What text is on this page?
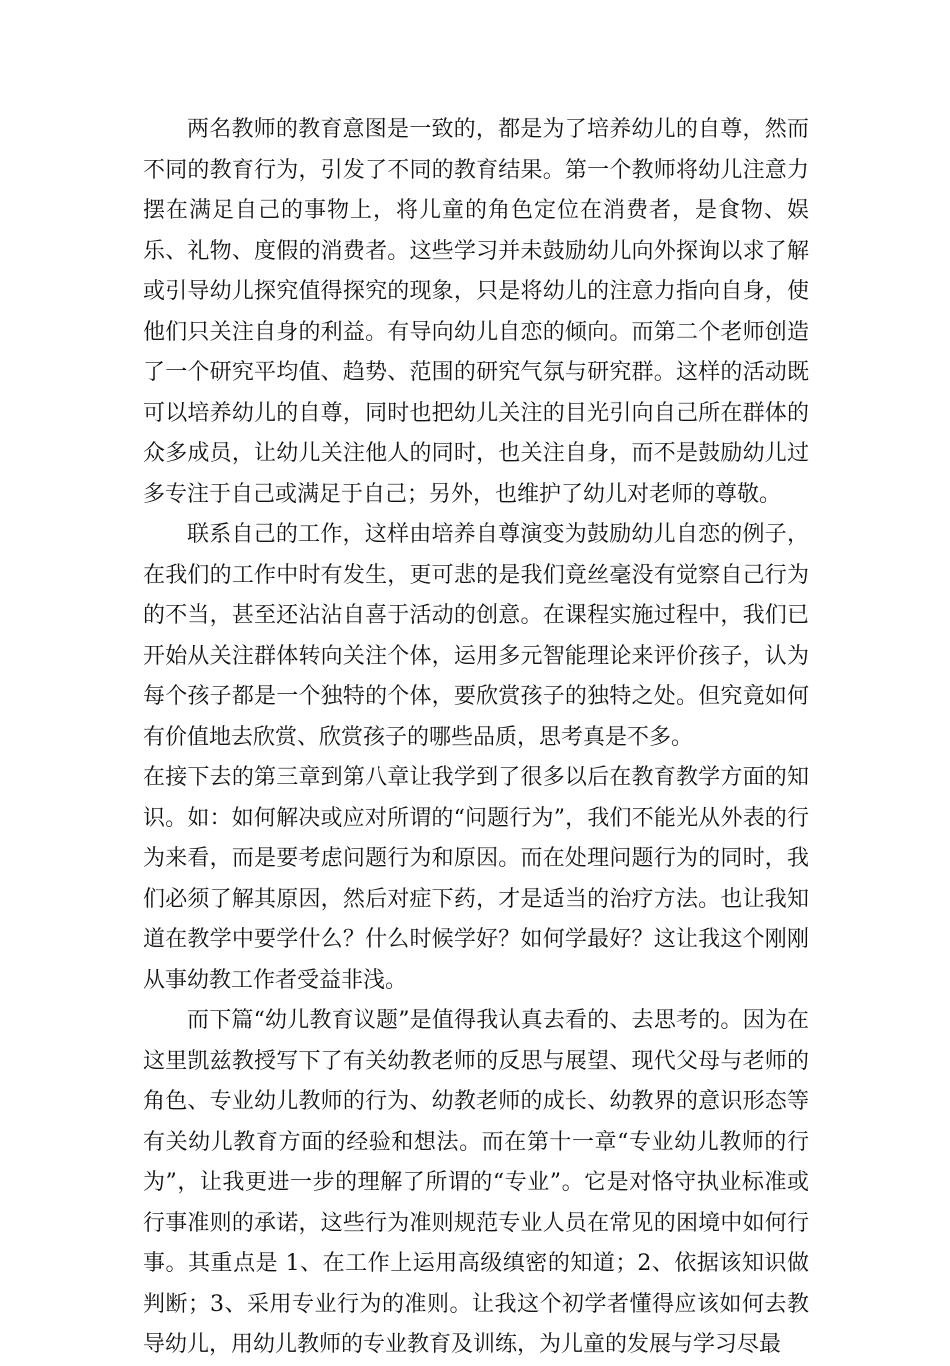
两名教师的教育意图是一致的，都是为了培养幼儿的自尊，然而不同的教育行为，引发了不同的教育结果。第一个教师将幼儿注意力摆在满足自己的事物上，将儿童的角色定位在消费者，是食物、娱乐、礼物、度假的消费者。这些学习并未鼓励幼儿向外探询以求了解或引导幼儿探究值得探究的现象，只是将幼儿的注意力指向自身，使他们只关注自身的利益。有导向幼儿自恋的倾向。而第二个老师创造了一个研究平均值、趋势、范围的研究气氛与研究群。这样的活动既可以培养幼儿的自尊，同时也把幼儿关注的目光引向自己所在群体的众多成员，让幼儿关注他人的同时，也关注自身，而不是鼓励幼儿过多专注于自己或满足于自己；另外，也维护了幼儿对老师的尊敬。

联系自己的工作，这样由培养自尊演变为鼓励幼儿自恋的例子，在我们的工作中时有发生，更可悲的是我们竟丝毫没有觉察自己行为的不当，甚至还沾沾自喜于活动的创意。在课程实施过程中，我们已开始从关注群体转向关注个体，运用多元智能理论来评价孩子，认为每个孩子都是一个独特的个体，要欣赏孩子的独特之处。但究竟如何有价值地去欣赏、欣赏孩子的哪些品质，思考真是不多。

在接下去的第三章到第八章让我学到了很多以后在教育教学方面的知识。如：如何解决或应对所谓的“问题行为”，我们不能光从外表的行为来看，而是要考虑问题行为和原因。而在处理问题行为的同时，我们必须了解其原因，然后对症下药，才是适当的治疗方法。也让我知道在教学中要学什么？什么时候学好？如何学最好？这让我这个刚刚从事幼教工作者受益非浅。

而下篇“幼儿教育议题”是值得我认真去看的、去思考的。因为在这里凯兹教授写下了有关幼教老师的反思与展望、现代父母与老师的角色、专业幼儿教师的行为、幼教老师的成长、幼教界的意识形态等有关幼儿教育方面的经验和想法。而在第十一章“专业幼儿教师的行为”，让我更进一步的理解了所谓的“专业”。它是对恪守执业标准或行事准则的承诺，这些行为准则规范专业人员在常见的困境中如何行事。其重点是 1、在工作上运用高级缜密的知道；2、依据该知识做判断；3、采用专业行为的准则。让我这个初学者懂得应该如何去教导幼儿，用幼儿教师的专业教育及训练，为儿童的发展与学习尽最
